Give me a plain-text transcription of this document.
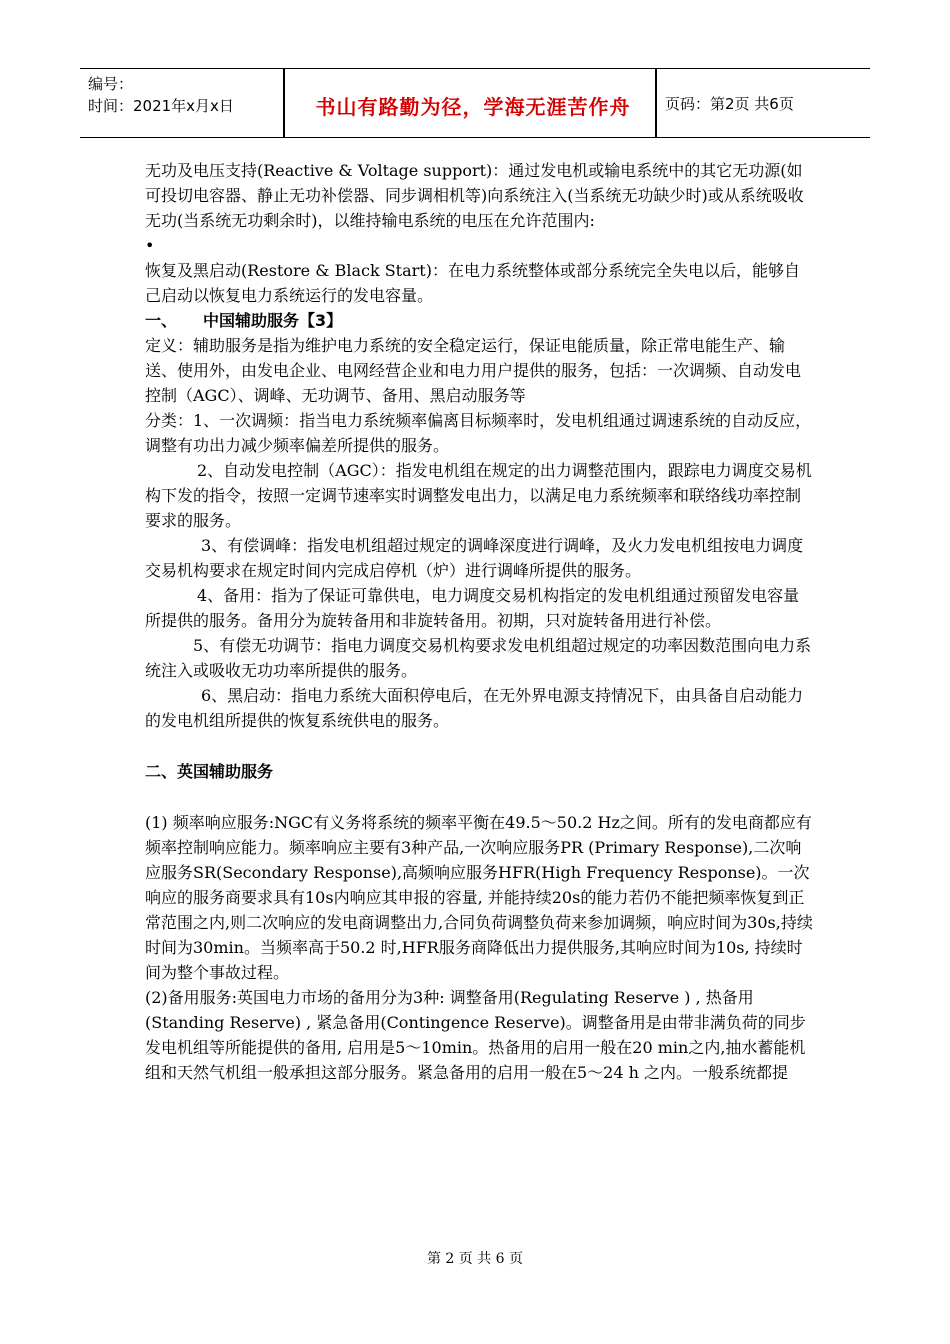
编号：
时间：2021年x月x日	书山有路勤为径，学海无涯苦作舟	页码：第2页 共6页

无功及电压支持(Reactive & Voltage support)：通过发电机或输电系统中的其它无功源(如可投切电容器、静止无功补偿器、同步调相机等)向系统注入(当系统无功缺少时)或从系统吸收无功(当系统无功剩余时)，以维持输电系统的电压在允许范围内:

•

恢复及黑启动(Restore & Black Start)：在电力系统整体或部分系统完全失电以后，能够自己启动以恢复电力系统运行的发电容量。

一、 中国辅助服务【3】

定义：辅助服务是指为维护电力系统的安全稳定运行，保证电能质量，除正常电能生产、输送、使用外，由发电企业、电网经营企业和电力用户提供的服务，包括：一次调频、自动发电控制（AGC）、调峰、无功调节、备用、黑启动服务等

分类：1、一次调频：指当电力系统频率偏离目标频率时，发电机组通过调速系统的自动反应，调整有功出力减少频率偏差所提供的服务。

2、自动发电控制（AGC）：指发电机组在规定的出力调整范围内，跟踪电力调度交易机构下发的指令，按照一定调节速率实时调整发电出力，以满足电力系统频率和联络线功率控制要求的服务。

3、有偿调峰：指发电机组超过规定的调峰深度进行调峰，及火力发电机组按电力调度交易机构要求在规定时间内完成启停机（炉）进行调峰所提供的服务。

4、备用：指为了保证可靠供电，电力调度交易机构指定的发电机组通过预留发电容量所提供的服务。备用分为旋转备用和非旋转备用。初期，只对旋转备用进行补偿。

5、有偿无功调节：指电力调度交易机构要求发电机组超过规定的功率因数范围向电力系统注入或吸收无功功率所提供的服务。

6、黑启动：指电力系统大面积停电后，在无外界电源支持情况下，由具备自启动能力的发电机组所提供的恢复系统供电的服务。

二、英国辅助服务

(1) 频率响应服务:NGC有义务将系统的频率平衡在49.5～50.2 Hz之间。所有的发电商都应有频率控制响应能力。频率响应主要有3种产品,一次响应服务PR (Primary Response),二次响应服务SR(Secondary Response),高频响应服务HFR(High Frequency Response)。一次响应的服务商要求具有10s内响应其申报的容量, 并能持续20s的能力若仍不能把频率恢复到正常范围之内,则二次响应的发电商调整出力,合同负荷调整负荷来参加调频，响应时间为30s,持续时间为30min。当频率高于50.2 时,HFR服务商降低出力提供服务,其响应时间为10s, 持续时间为整个事故过程。

(2)备用服务:英国电力市场的备用分为3种: 调整备用(Regulating Reserve ) , 热备用(Standing Reserve) , 紧急备用(Contingence Reserve)。调整备用是由带非满负荷的同步发电机组等所能提供的备用, 启用是5～10min。热备用的启用一般在20 min之内,抽水蓄能机组和天然气机组一般承担这部分服务。紧急备用的启用一般在5～24 h 之内。一般系统都提

第 2 页 共 6 页
